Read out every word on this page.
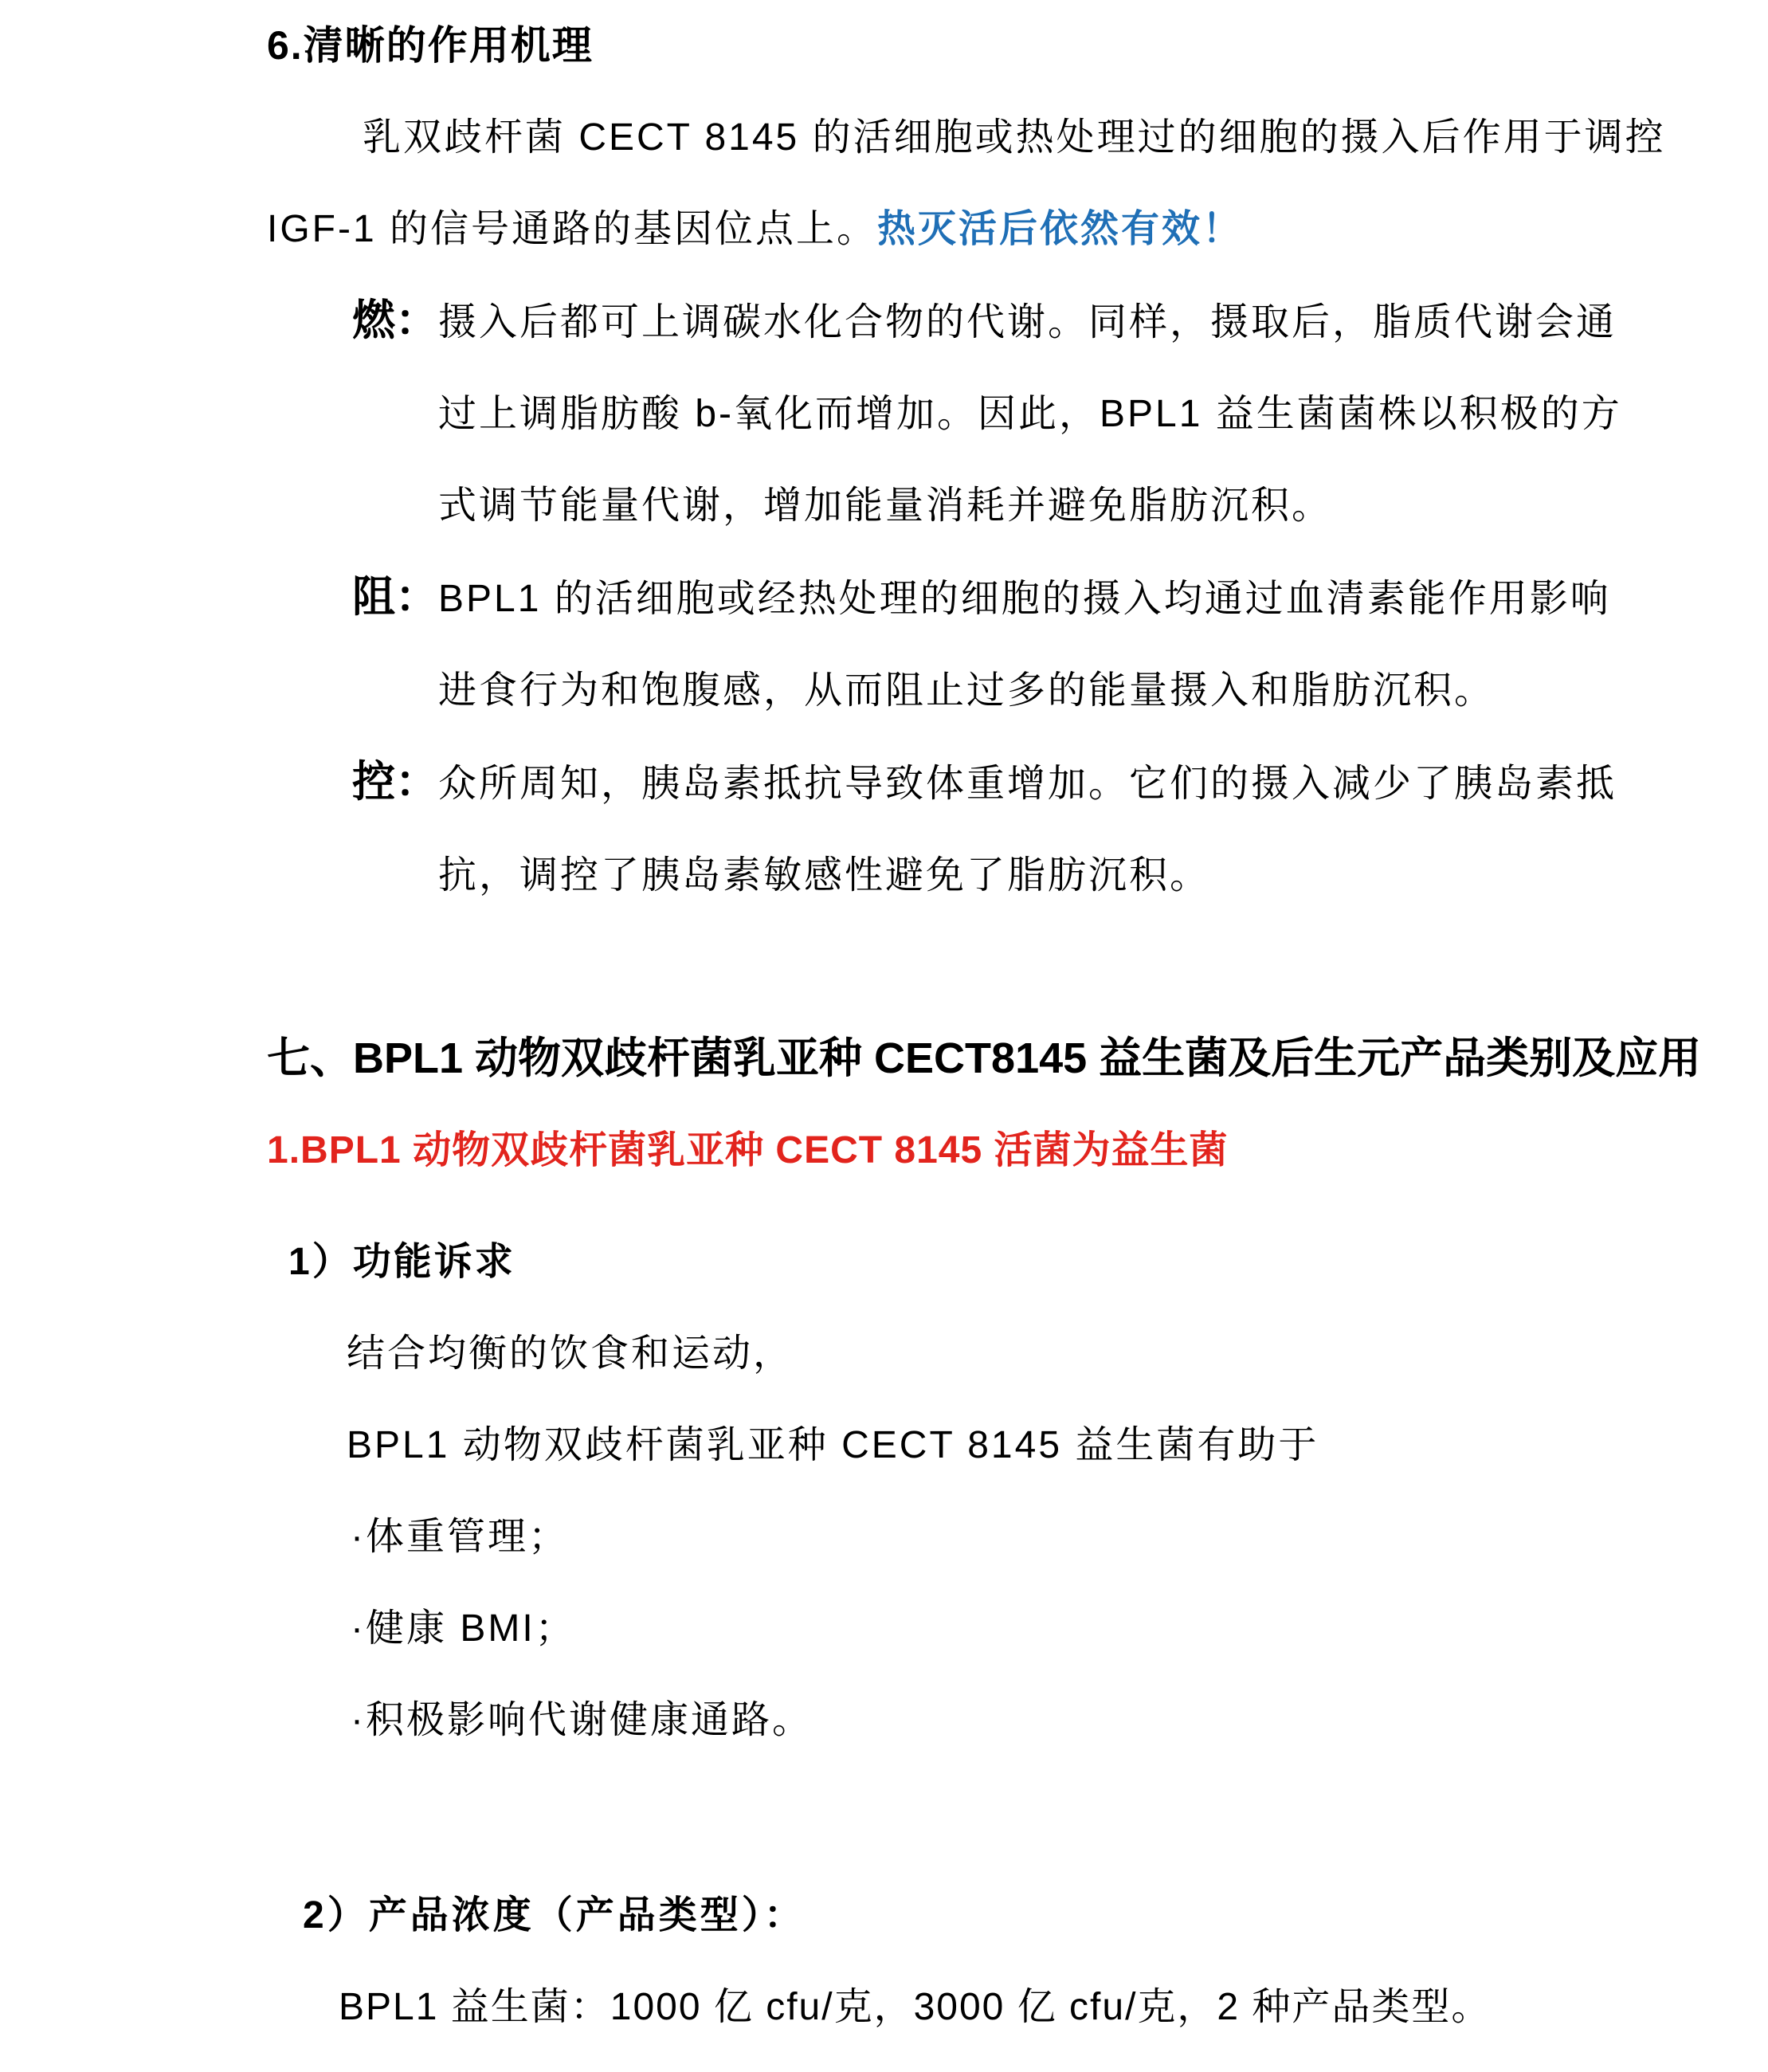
6.清晰的作用机理

乳双歧杆菌 CECT 8145 的活细胞或热处理过的细胞的摄入后作用于调控

IGF-1 的信号通路的基因位点上。热灭活后依然有效！

燃：摄入后都可上调碳水化合物的代谢。同样，摄取后，脂质代谢会通

过上调脂肪酸 b-氧化而增加。因此，BPL1 益生菌菌株以积极的方

式调节能量代谢，增加能量消耗并避免脂肪沉积。

阻：BPL1 的活细胞或经热处理的细胞的摄入均通过血清素能作用影响

进食行为和饱腹感，从而阻止过多的能量摄入和脂肪沉积。

控：众所周知，胰岛素抵抗导致体重增加。它们的摄入减少了胰岛素抵

抗，调控了胰岛素敏感性避免了脂肪沉积。

七、BPL1 动物双歧杆菌乳亚种 CECT8145 益生菌及后生元产品类别及应用

1.BPL1 动物双歧杆菌乳亚种 CECT 8145 活菌为益生菌

1）功能诉求

结合均衡的饮食和运动，

BPL1 动物双歧杆菌乳亚种 CECT 8145 益生菌有助于

·体重管理；

·健康 BMI；

·积极影响代谢健康通路。

2）产品浓度（产品类型）：

BPL1 益生菌：1000 亿 cfu/克，3000 亿 cfu/克，2 种产品类型。
